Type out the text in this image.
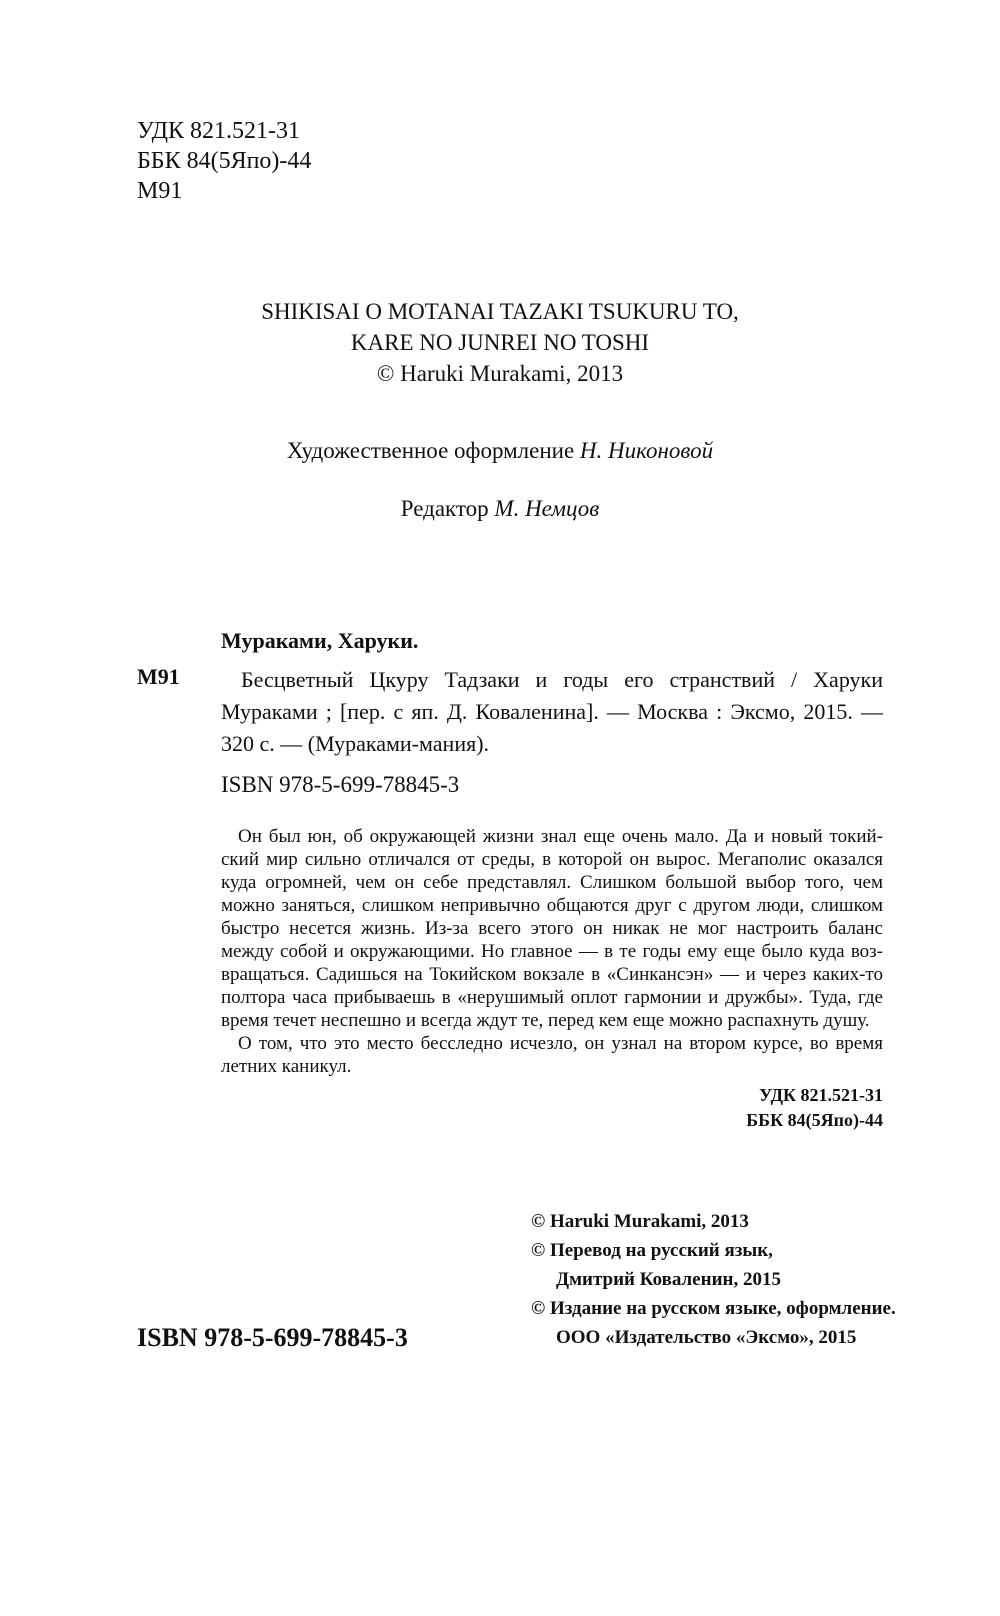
УДК 821.521-31
ББК 84(5Япо)-44
М91
SHIKISAI O MOTANAI TAZAKI TSUKURU TO,
KARE NO JUNREI NO TOSHI
© Haruki Murakami, 2013
Художественное оформление Н. Никоновой
Редактор М. Немцов
Мураками, Харуки.
М91	Бесцветный Цкуру Тадзаки и годы его странствий / Харуки Мураками ; [пер. с яп. Д. Коваленина]. — Москва : Эксмо, 2015. — 320 с. — (Мураками-мания).
ISBN 978-5-699-78845-3

Он был юн, об окружающей жизни знал еще очень мало. Да и новый токийский мир сильно отличался от среды, в которой он вырос. Мегаполис оказался куда огромней, чем он себе представлял. Слишком большой выбор того, чем можно заняться, слишком непривычно общаются друг с другом люди, слишком быстро несется жизнь. Из-за всего этого он никак не мог настроить баланс между собой и окружающими. Но главное — в те годы ему еще было куда возвращаться. Садишься на Токийском вокзале в «Синкансэн» — и через каких-то полтора часа прибываешь в «нерушимый оплот гармонии и дружбы». Туда, где время течет неспешно и всегда ждут те, перед кем еще можно распахнуть душу.

О том, что это место бесследно исчезло, он узнал на втором курсе, во время летних каникул.

УДК 821.521-31
ББК 84(5Япо)-44
ISBN 978-5-699-78845-3
© Haruki Murakami, 2013
© Перевод на русский язык,
Дмитрий Коваленин, 2015
© Издание на русском языке, оформление.
ООО «Издательство «Эксмо», 2015
